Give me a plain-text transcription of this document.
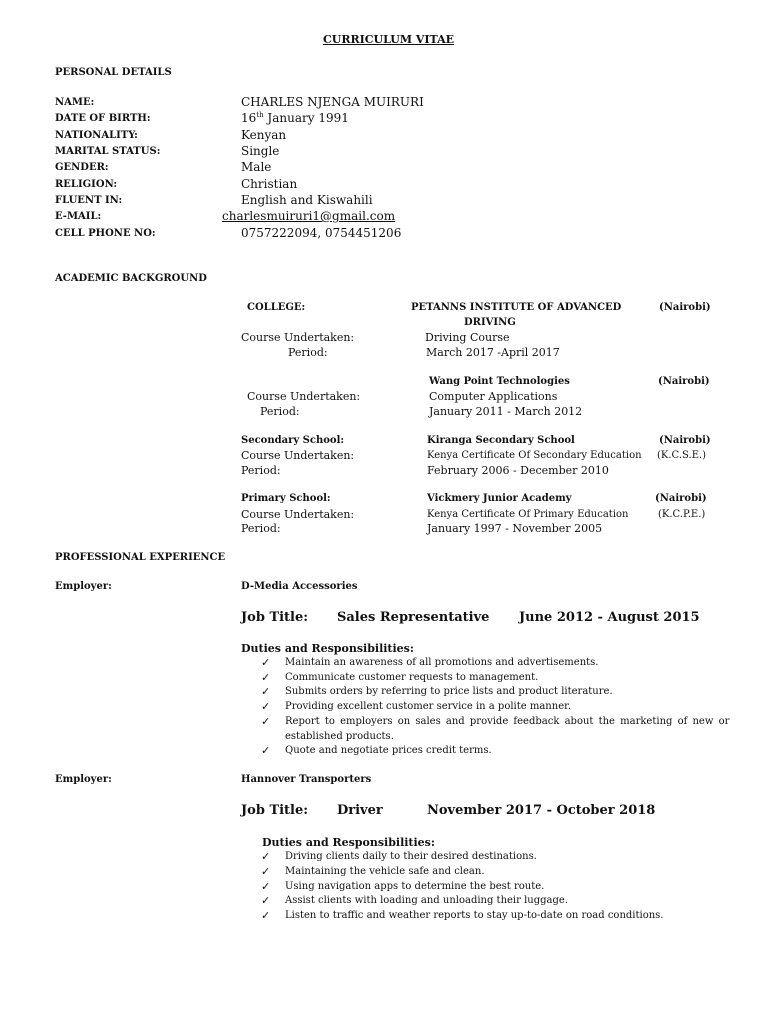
CURRICULUM VITAE
PERSONAL DETAILS
NAME:	CHARLES NJENGA MUIRURI
DATE OF BIRTH:	16th January 1991
NATIONALITY:	Kenyan
MARITAL STATUS:	Single
GENDER:	Male
RELIGION:	Christian
FLUENT IN:	English and Kiswahili
E-MAIL:	charlesmuiruri1@gmail.com
CELL PHONE NO:	0757222094, 0754451206
ACADEMIC BACKGROUND
COLLEGE:	PETANNS INSTITUTE OF ADVANCED	(Nairobi)
DRIVING
Course Undertaken:	Driving Course
Period:	March 2017 -April 2017
Wang Point Technologies	(Nairobi)
Course Undertaken:	Computer Applications
Period:	January 2011 - March 2012
Secondary School:	Kiranga Secondary School	(Nairobi)
Course Undertaken:	Kenya Certificate Of Secondary Education (K.C.S.E.)
Period:	February 2006 - December 2010
Primary School:	Vickmery Junior Academy	(Nairobi)
Course Undertaken:	Kenya Certificate Of Primary Education	(K.C.P.E.)
Period:	January 1997 - November 2005
PROFESSIONAL EXPERIENCE
Employer:	D-Media Accessories
Job Title: Sales Representative June 2012 - August 2015
Duties and Responsibilities:
✓ Maintain an awareness of all promotions and advertisements.
✓ Communicate customer requests to management.
✓ Submits orders by referring to price lists and product literature.
✓ Providing excellent customer service in a polite manner.
✓ Report to employers on sales and provide feedback about the marketing of new or
established products.
✓ Quote and negotiate prices credit terms.
Employer:	Hannover Transporters
Job Title: Driver	November 2017 - October 2018
Duties and Responsibilities:
✓ Driving clients daily to their desired destinations.
✓ Maintaining the vehicle safe and clean.
✓ Using navigation apps to determine the best route.
✓ Assist clients with loading and unloading their luggage.
✓ Listen to traffic and weather reports to stay up-to-date on road conditions.
